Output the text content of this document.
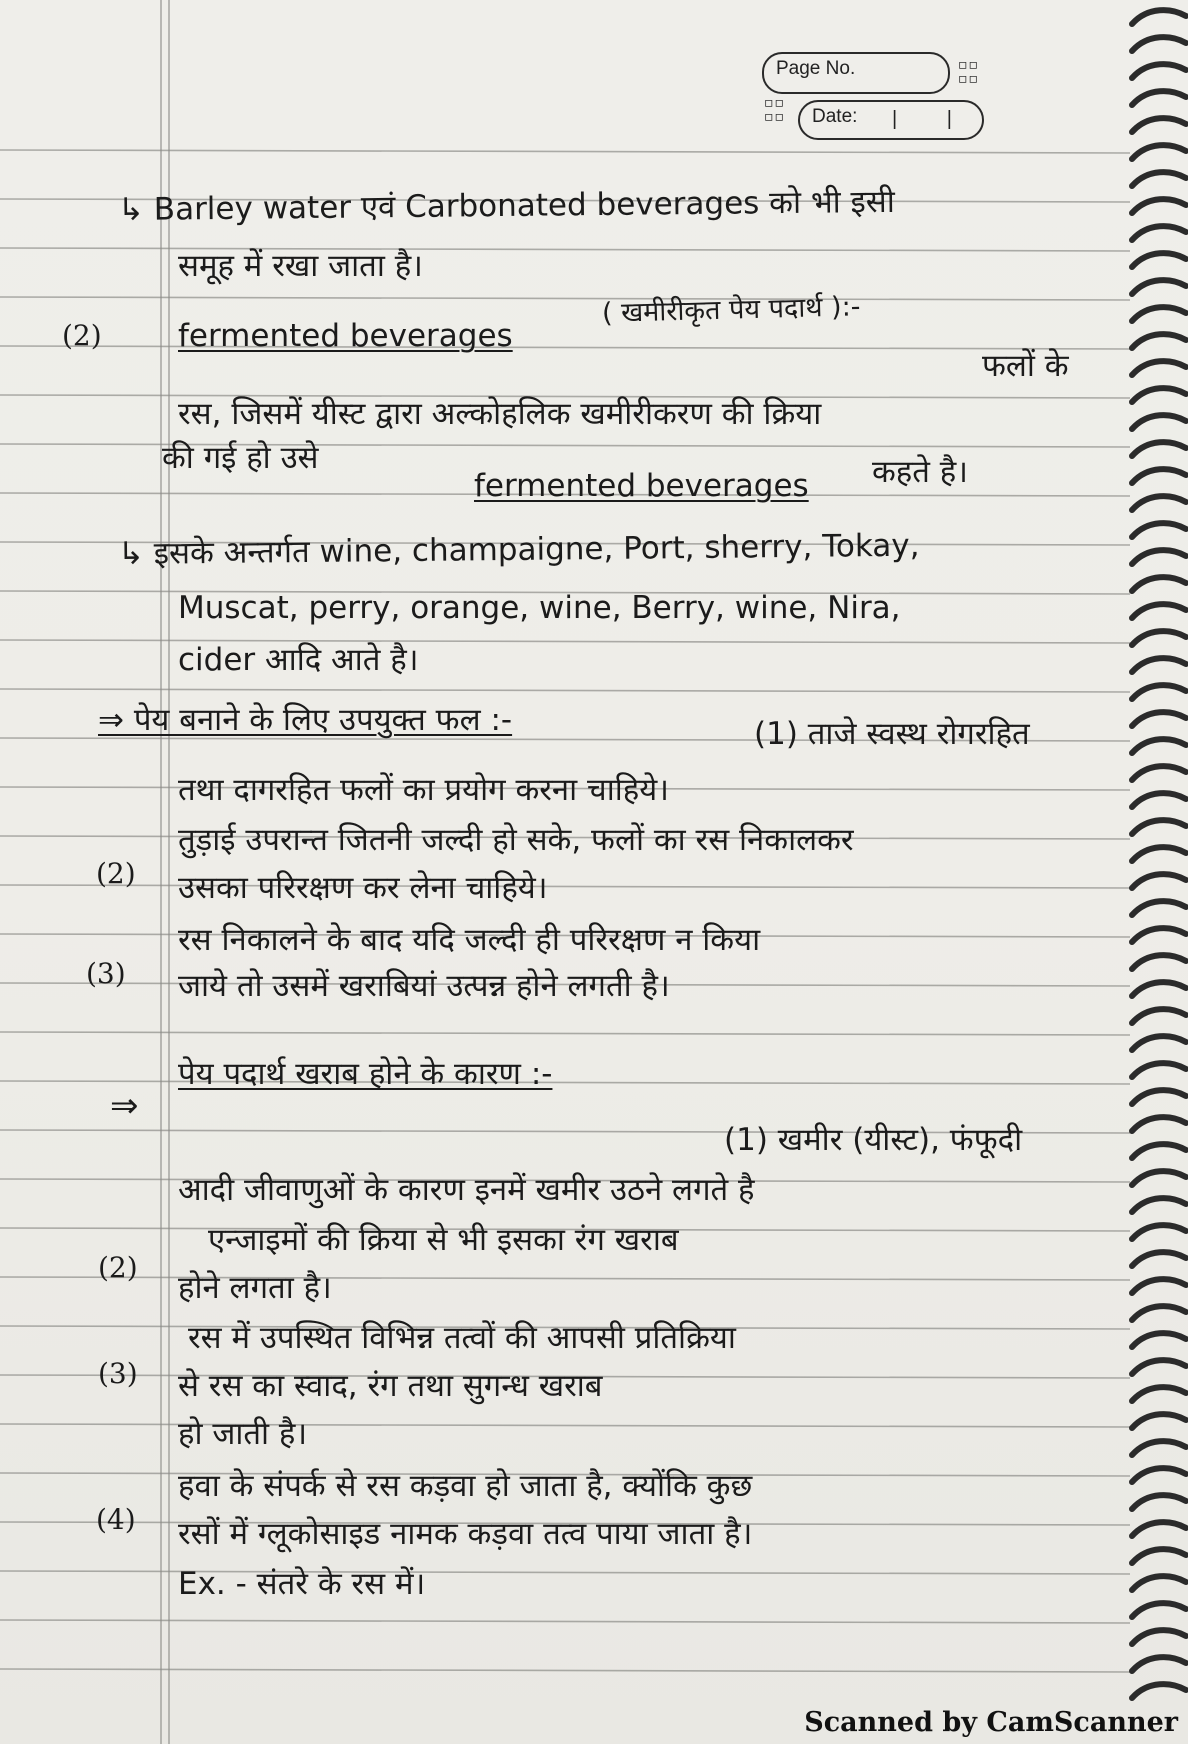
Page No.	▫▫
▫▫
▫▫
▫▫	Date: | |
↳ Barley water एवं Carbonated beverages को भी इसी
समूह में रखा जाता है।
(2) fermented beverages
( खमीरीकृत पेय पदार्थ ):-
फलों के
रस, जिसमें यीस्ट द्वारा अल्कोहलिक खमीरीकरण की क्रिया
की गई हो उसे
fermented beverages कहते है।
↳ इसके अन्तर्गत wine, champaigne, Port, sherry, Tokay,
Muscat, perry, orange, wine, Berry, wine, Nira,
cider आदि आते है।
⇒ पेय बनाने के लिए उपयुक्त फल :-	(1) ताजे स्वस्थ रोगरहित
तथा दागरहित फलों का प्रयोग करना चाहिये।
तुड़ाई उपरान्त जितनी जल्दी हो सके, फलों का रस निकालकर
(2) उसका परिरक्षण कर लेना चाहिये।
रस निकालने के बाद यदि जल्दी ही परिरक्षण न किया
(3) जाये तो उसमें खराबियां उत्पन्न होने लगती है।
पेय पदार्थ खराब होने के कारण :-
⇒
(1) खमीर (यीस्ट), फंफूदी
आदी जीवाणुओं के कारण इनमें खमीर उठने लगते है
एन्जाइमों की क्रिया से भी इसका रंग खराब
(2)
होने लगता है।
रस में उपस्थित विभिन्न तत्वों की आपसी प्रतिक्रिया
(3) से रस का स्वाद, रंग तथा सुगन्ध खराब
हो जाती है।
हवा के संपर्क से रस कड़वा हो जाता है, क्योंकि कुछ
(4) रसों में ग्लूकोसाइड नामक कड़वा तत्व पाया जाता है।
Ex. - संतरे के रस में।
Scanned by CamScanner
